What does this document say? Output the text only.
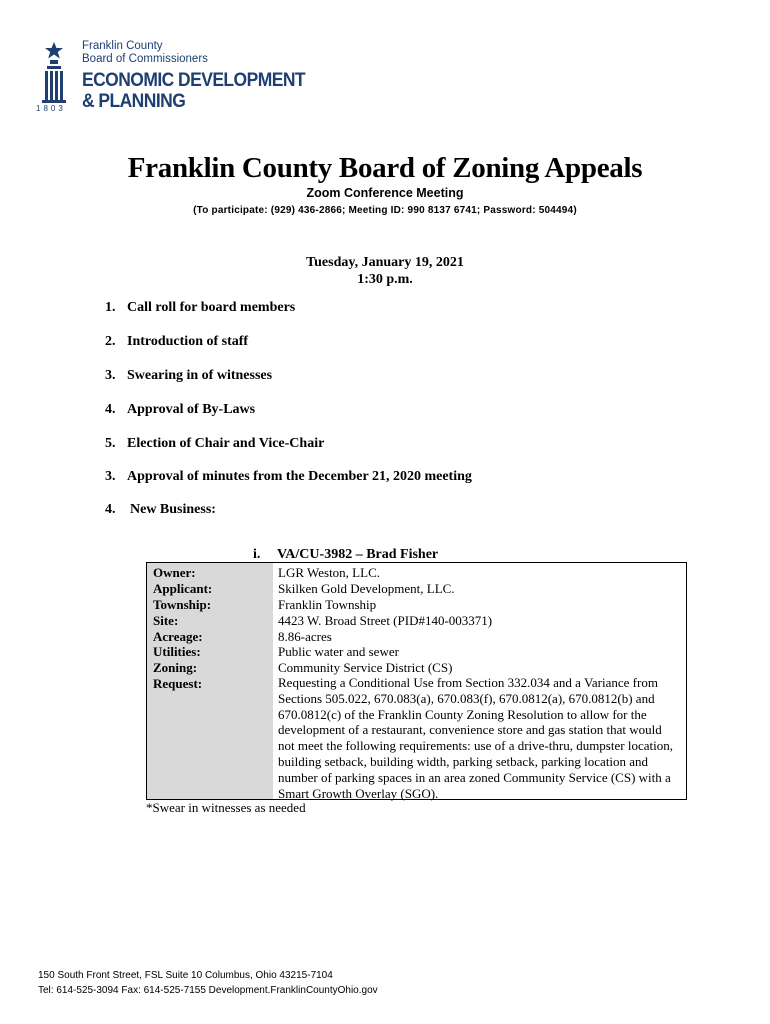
Franklin County
Board of Commissioners
ECONOMIC DEVELOPMENT
& PLANNING
1803
Franklin County Board of Zoning Appeals
Zoom Conference Meeting
(To participate: (929) 436-2866; Meeting ID: 990 8137 6741; Password: 504494)
Tuesday, January 19, 2021
1:30 p.m.
1. Call roll for board members
2. Introduction of staff
3. Swearing in of witnesses
4. Approval of By-Laws
5. Election of Chair and Vice-Chair
3. Approval of minutes from the December 21, 2020 meeting
4. New Business:
i. VA/CU-3982 – Brad Fisher
Owner:
Applicant:
Township:
Site:
Acreage:
Utilities:
Zoning:
Request:
LGR Weston, LLC.
Skilken Gold Development, LLC.
Franklin Township
4423 W. Broad Street (PID#140-003371)
8.86-acres
Public water and sewer
Community Service District (CS)
Requesting a Conditional Use from Section 332.034 and a Variance from Sections 505.022, 670.083(a), 670.083(f), 670.0812(a), 670.0812(b) and 670.0812(c) of the Franklin County Zoning Resolution to allow for the development of a restaurant, convenience store and gas station that would not meet the following requirements: use of a drive-thru, dumpster location, building setback, building width, parking setback, parking location and number of parking spaces in an area zoned Community Service (CS) with a Smart Growth Overlay (SGO).
*Swear in witnesses as needed
150 South Front Street, FSL Suite 10 Columbus, Ohio 43215-7104
Tel: 614-525-3094 Fax: 614-525-7155 Development.FranklinCountyOhio.gov
